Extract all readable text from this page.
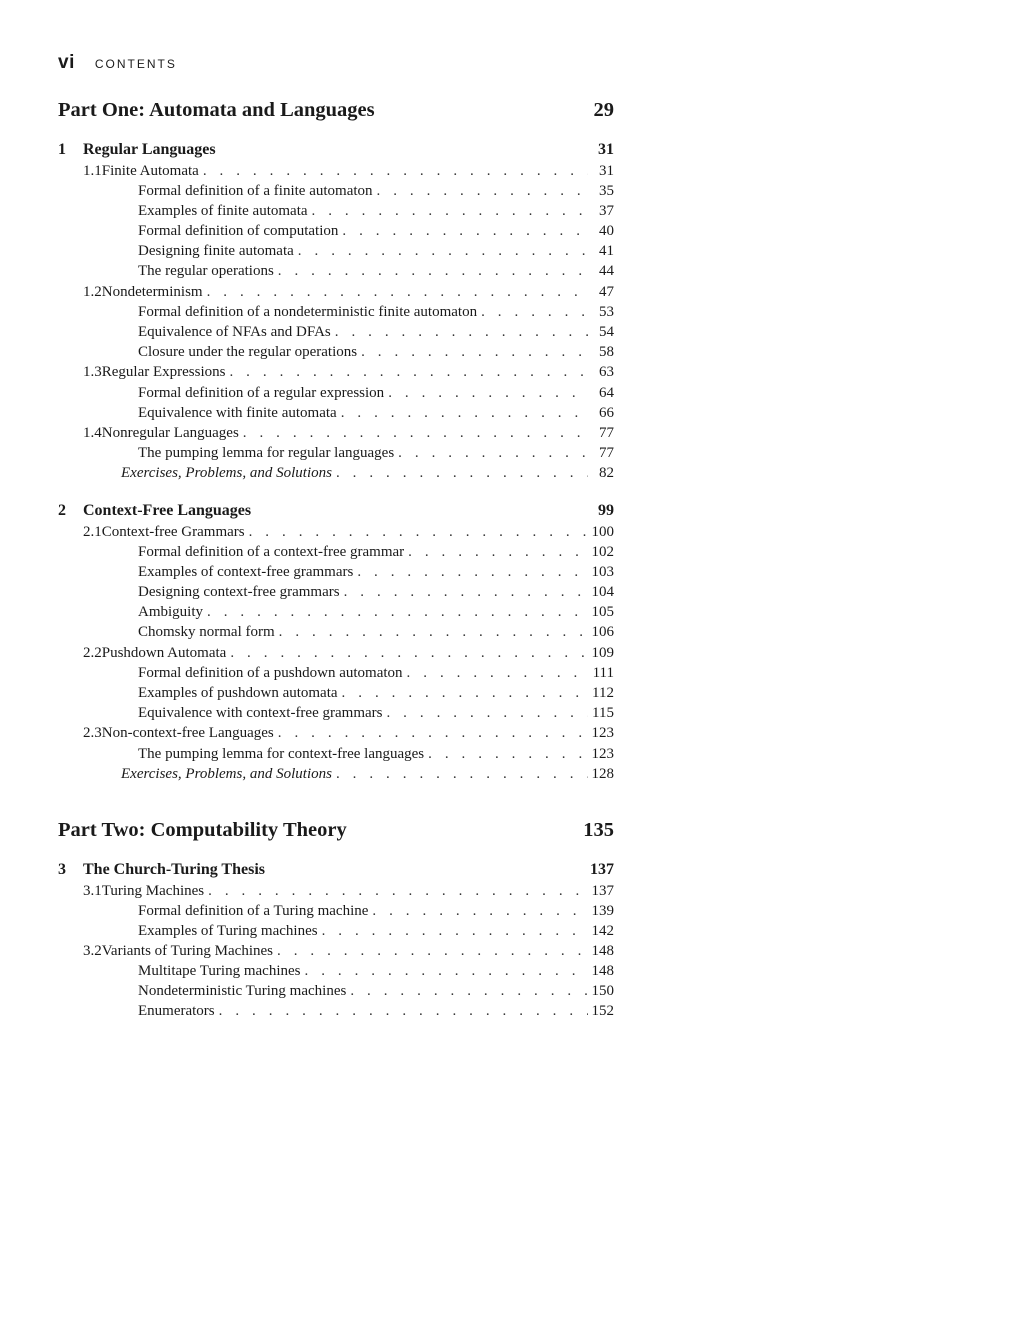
vi CONTENTS
Part One: Automata and Languages	29
1	Regular Languages	31
1.1 Finite Automata . . .	31
Formal definition of a finite automaton . . .	35
Examples of finite automata . . .	37
Formal definition of computation . . .	40
Designing finite automata . . .	41
The regular operations . . .	44
1.2 Nondeterminism . . .	47
Formal definition of a nondeterministic finite automaton . . .	53
Equivalence of NFAs and DFAs . . .	54
Closure under the regular operations . . .	58
1.3 Regular Expressions . . .	63
Formal definition of a regular expression . . .	64
Equivalence with finite automata . . .	66
1.4 Nonregular Languages . . .	77
The pumping lemma for regular languages . . .	77
Exercises, Problems, and Solutions . . .	82
2	Context-Free Languages	99
2.1 Context-free Grammars . . .	100
Formal definition of a context-free grammar . . .	102
Examples of context-free grammars . . .	103
Designing context-free grammars . . .	104
Ambiguity . . .	105
Chomsky normal form . . .	106
2.2 Pushdown Automata . . .	109
Formal definition of a pushdown automaton . . .	111
Examples of pushdown automata . . .	112
Equivalence with context-free grammars . . .	115
2.3 Non-context-free Languages . . .	123
The pumping lemma for context-free languages . . .	123
Exercises, Problems, and Solutions . . .	128
Part Two: Computability Theory	135
3	The Church-Turing Thesis	137
3.1 Turing Machines . . .	137
Formal definition of a Turing machine . . .	139
Examples of Turing machines . . .	142
3.2 Variants of Turing Machines . . .	148
Multitape Turing machines . . .	148
Nondeterministic Turing machines . . .	150
Enumerators . . .	152
